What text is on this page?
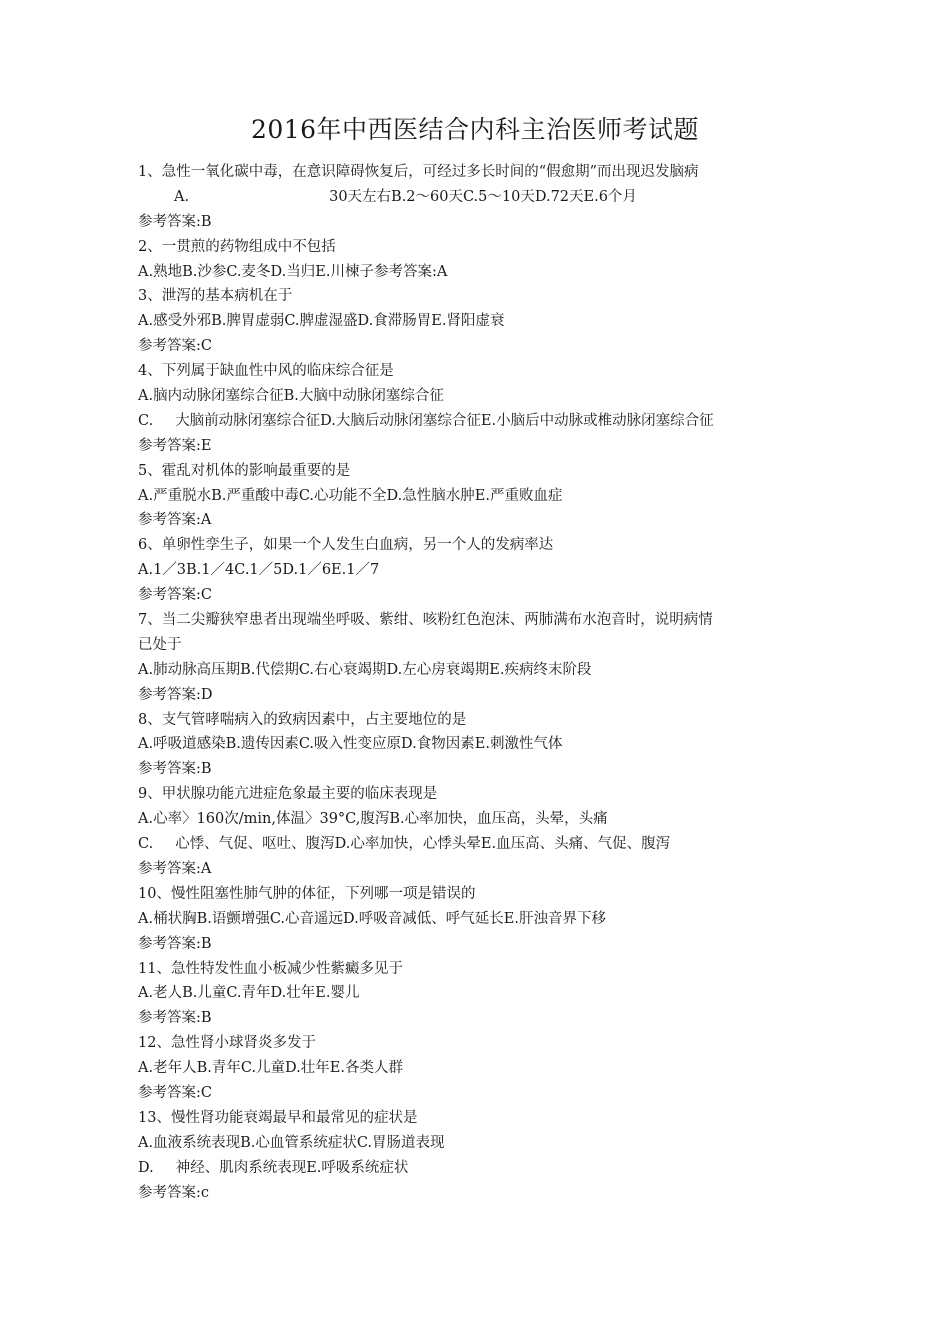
2016年中西医结合内科主治医师考试题
1、急性一氧化碳中毒，在意识障碍恢复后，可经过多长时间的“假愈期”而出现迟发脑病
A.	30天左右B.2～60天C.5～10天D.72天E.6个月
参考答案:B
2、一贯煎的药物组成中不包括
A.熟地B.沙参C.麦冬D.当归E.川楝子参考答案:A
3、泄泻的基本病机在于
A.感受外邪B.脾胃虚弱C.脾虚湿盛D.食滞肠胃E.肾阳虚衰
参考答案:C
4、下列属于缺血性中风的临床综合征是
A.脑内动脉闭塞综合征B.大脑中动脉闭塞综合征
C. 大脑前动脉闭塞综合征D.大脑后动脉闭塞综合征E.小脑后中动脉或椎动脉闭塞综合征
参考答案:E
5、霍乱对机体的影响最重要的是
A.严重脱水B.严重酸中毒C.心功能不全D.急性脑水肿E.严重败血症
参考答案:A
6、单卵性孪生子，如果一个人发生白血病，另一个人的发病率达
A.1／3B.1／4C.1／5D.1／6E.1／7
参考答案:C
7、当二尖瓣狭窄患者出现端坐呼吸、紫绀、咳粉红色泡沫、两肺满布水泡音时，说明病情
已处于
A.肺动脉高压期B.代偿期C.右心衰竭期D.左心房衰竭期E.疾病终末阶段
参考答案:D
8、支气管哮喘病入的致病因素中，占主要地位的是
A.呼吸道感染B.遗传因素C.吸入性变应原D.食物因素E.刺激性气体
参考答案:B
9、甲状腺功能亢进症危象最主要的临床表现是
A.心率〉160次/min,体温〉39°C,腹泻B.心率加快，血压高，头晕，头痛
C. 心悸、气促、呕吐、腹泻D.心率加快，心悸头晕E.血压高、头痛、气促、腹泻
参考答案:A
10、慢性阻塞性肺气肿的体征，下列哪一项是错误的
A.桶状胸B.语颤增强C.心音遥远D.呼吸音减低、呼气延长E.肝浊音界下移
参考答案:B
11、急性特发性血小板减少性紫癜多见于
A.老人B.儿童C.青年D.壮年E.婴儿
参考答案:B
12、急性肾小球肾炎多发于
A.老年人B.青年C.儿童D.壮年E.各类人群
参考答案:C
13、慢性肾功能衰竭最早和最常见的症状是
A.血液系统表现B.心血管系统症状C.胃肠道表现
D. 神经、肌肉系统表现E.呼吸系统症状
参考答案:c
